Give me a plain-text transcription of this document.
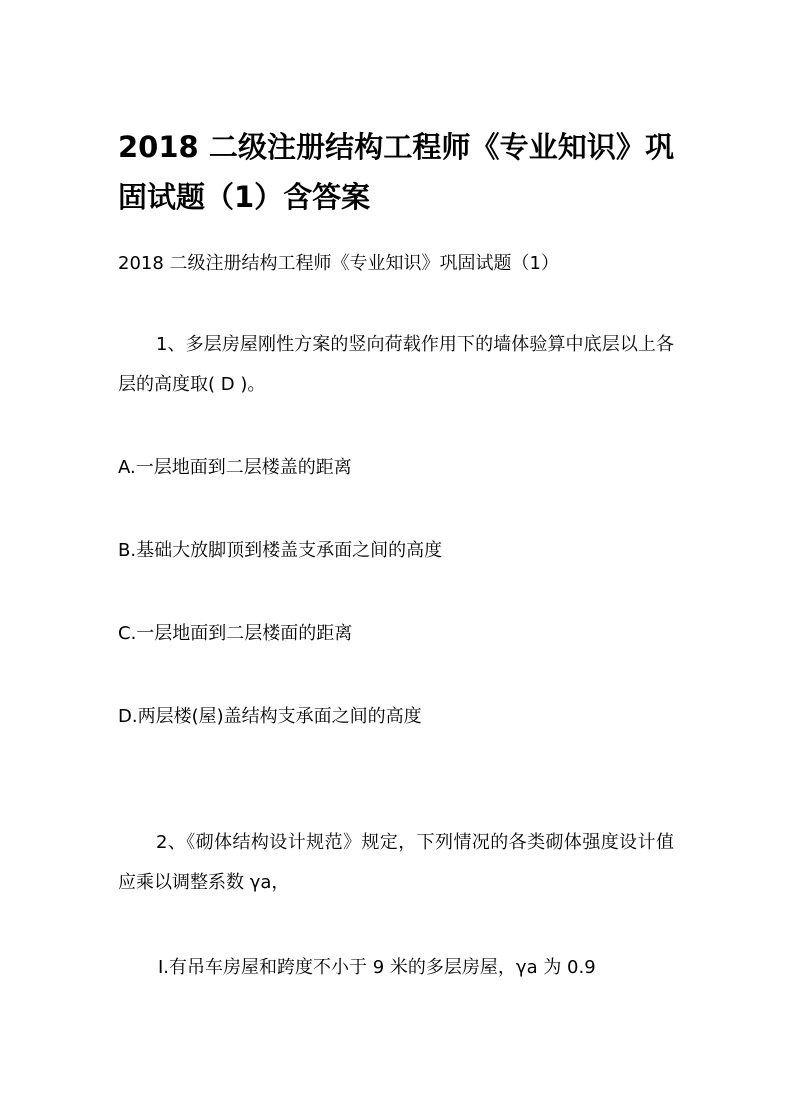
2018 二级注册结构工程师《专业知识》巩固试题（1）含答案
2018 二级注册结构工程师《专业知识》巩固试题（1）
1、多层房屋刚性方案的竖向荷载作用下的墙体验算中底层以上各层的高度取( D )。
A.一层地面到二层楼盖的距离
B.基础大放脚顶到楼盖支承面之间的高度
C.一层地面到二层楼面的距离
D.两层楼(屋)盖结构支承面之间的高度
2、《砌体结构设计规范》规定，下列情况的各类砌体强度设计值应乘以调整系数 γa，
Ⅰ.有吊车房屋和跨度不小于 9 米的多层房屋，γa 为 0.9
